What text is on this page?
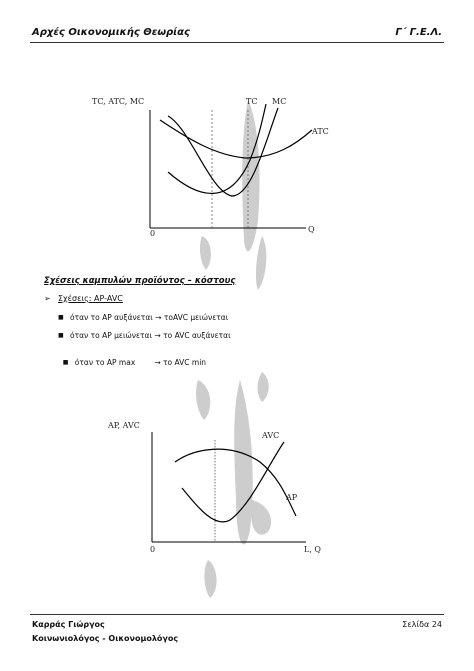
Αρχές Οικονομικής Θεωρίας	Γ΄ Γ.Ε.Λ.
TC, ATC, MC	TC MC
ATC
0	Q
Σχέσεις καμπυλών προϊόντος – κόστους
➢ Σχέσεις: AP-AVC
■ όταν το AP αυξάνεται → τοAVC μειώνεται
■ όταν το AP μειώνεται → το AVC αυξάνεται

■ όταν το AP max        → το AVC min

AP, AVC
AVC
AP
0	L, Q
Καρράς Γιώργος
Κοινωνιολόγος - Οικονομολόγος
Σελίδα 24
